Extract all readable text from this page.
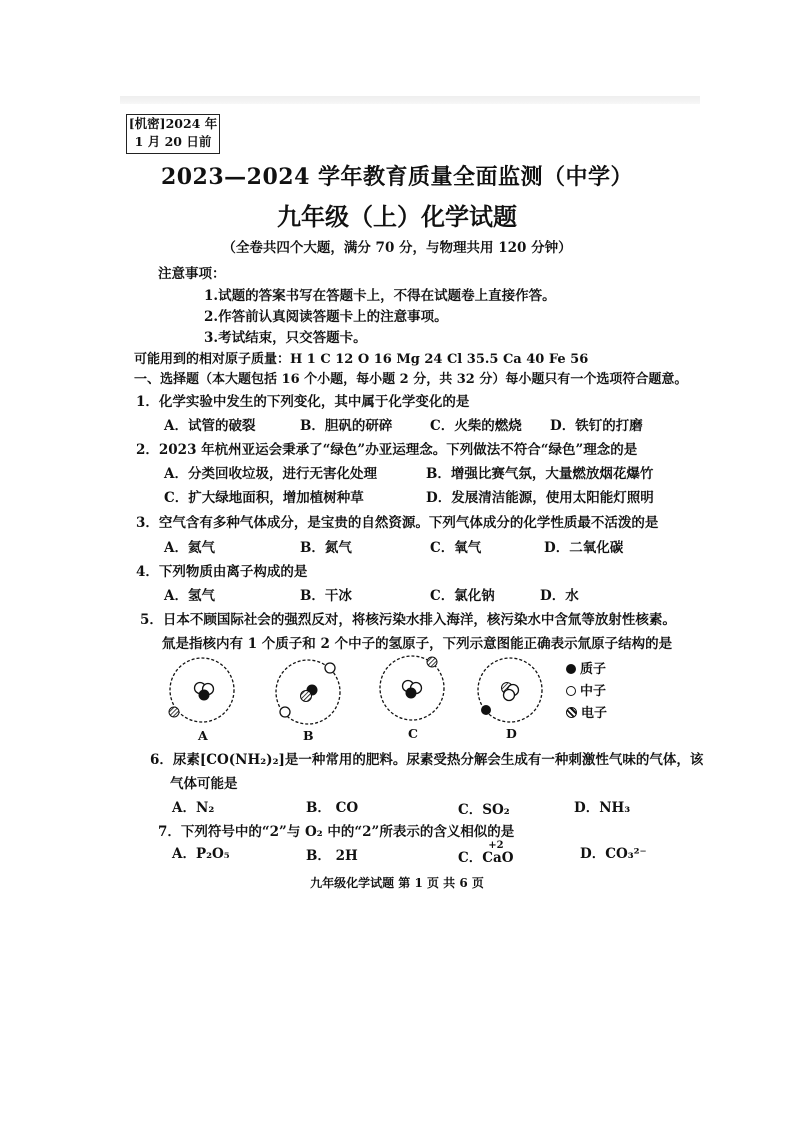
[机密]2024 年
1 月 20 日前
2023—2024 学年教育质量全面监测（中学）
九年级（上）化学试题
（全卷共四个大题，满分 70 分，与物理共用 120 分钟）
注意事项：
1.试题的答案书写在答题卡上，不得在试题卷上直接作答。
2.作答前认真阅读答题卡上的注意事项。
3.考试结束，只交答题卡。
可能用到的相对原子质量：H 1 C 12 O 16 Mg 24 Cl 35.5 Ca 40 Fe 56
一、选择题（本大题包括 16 个小题，每小题 2 分，共 32 分）每小题只有一个选项符合题意。
1．化学实验中发生的下列变化，其中属于化学变化的是
A．试管的破裂	B．胆矾的研碎	C．火柴的燃烧 D．铁钉的打磨
2．2023 年杭州亚运会秉承了“绿色”办亚运理念。下列做法不符合“绿色”理念的是
A．分类回收垃圾，进行无害化处理	B．增强比赛气氛，大量燃放烟花爆竹
C．扩大绿地面积，增加植树种草	D．发展清洁能源，使用太阳能灯照明
3．空气含有多种气体成分，是宝贵的自然资源。下列气体成分的化学性质最不活泼的是
A．氦气	B．氮气	C．氧气	D．二氧化碳
4．下列物质由离子构成的是
A．氢气	B．干冰	C．氯化钠	D．水
5．日本不顾国际社会的强烈反对，将核污染水排入海洋，核污染水中含氚等放射性核素。
氚是指核内有 1 个质子和 2 个中子的氢原子，下列示意图能正确表示氚原子结构的是
A	B	C	D
质子
中子
电子
6．尿素[CO(NH₂)₂]是一种常用的肥料。尿素受热分解会生成有一种刺激性气味的气体，该
气体可能是
A．N₂	B． CO	C．SO₂	D．NH₃
7．下列符号中的“2”与 O₂ 中的“2”所表示的含义相似的是
A．P₂O₅	B． 2H	C．
+2
CaO	D．CO₃²⁻
九年级化学试题 第 1 页 共 6 页
